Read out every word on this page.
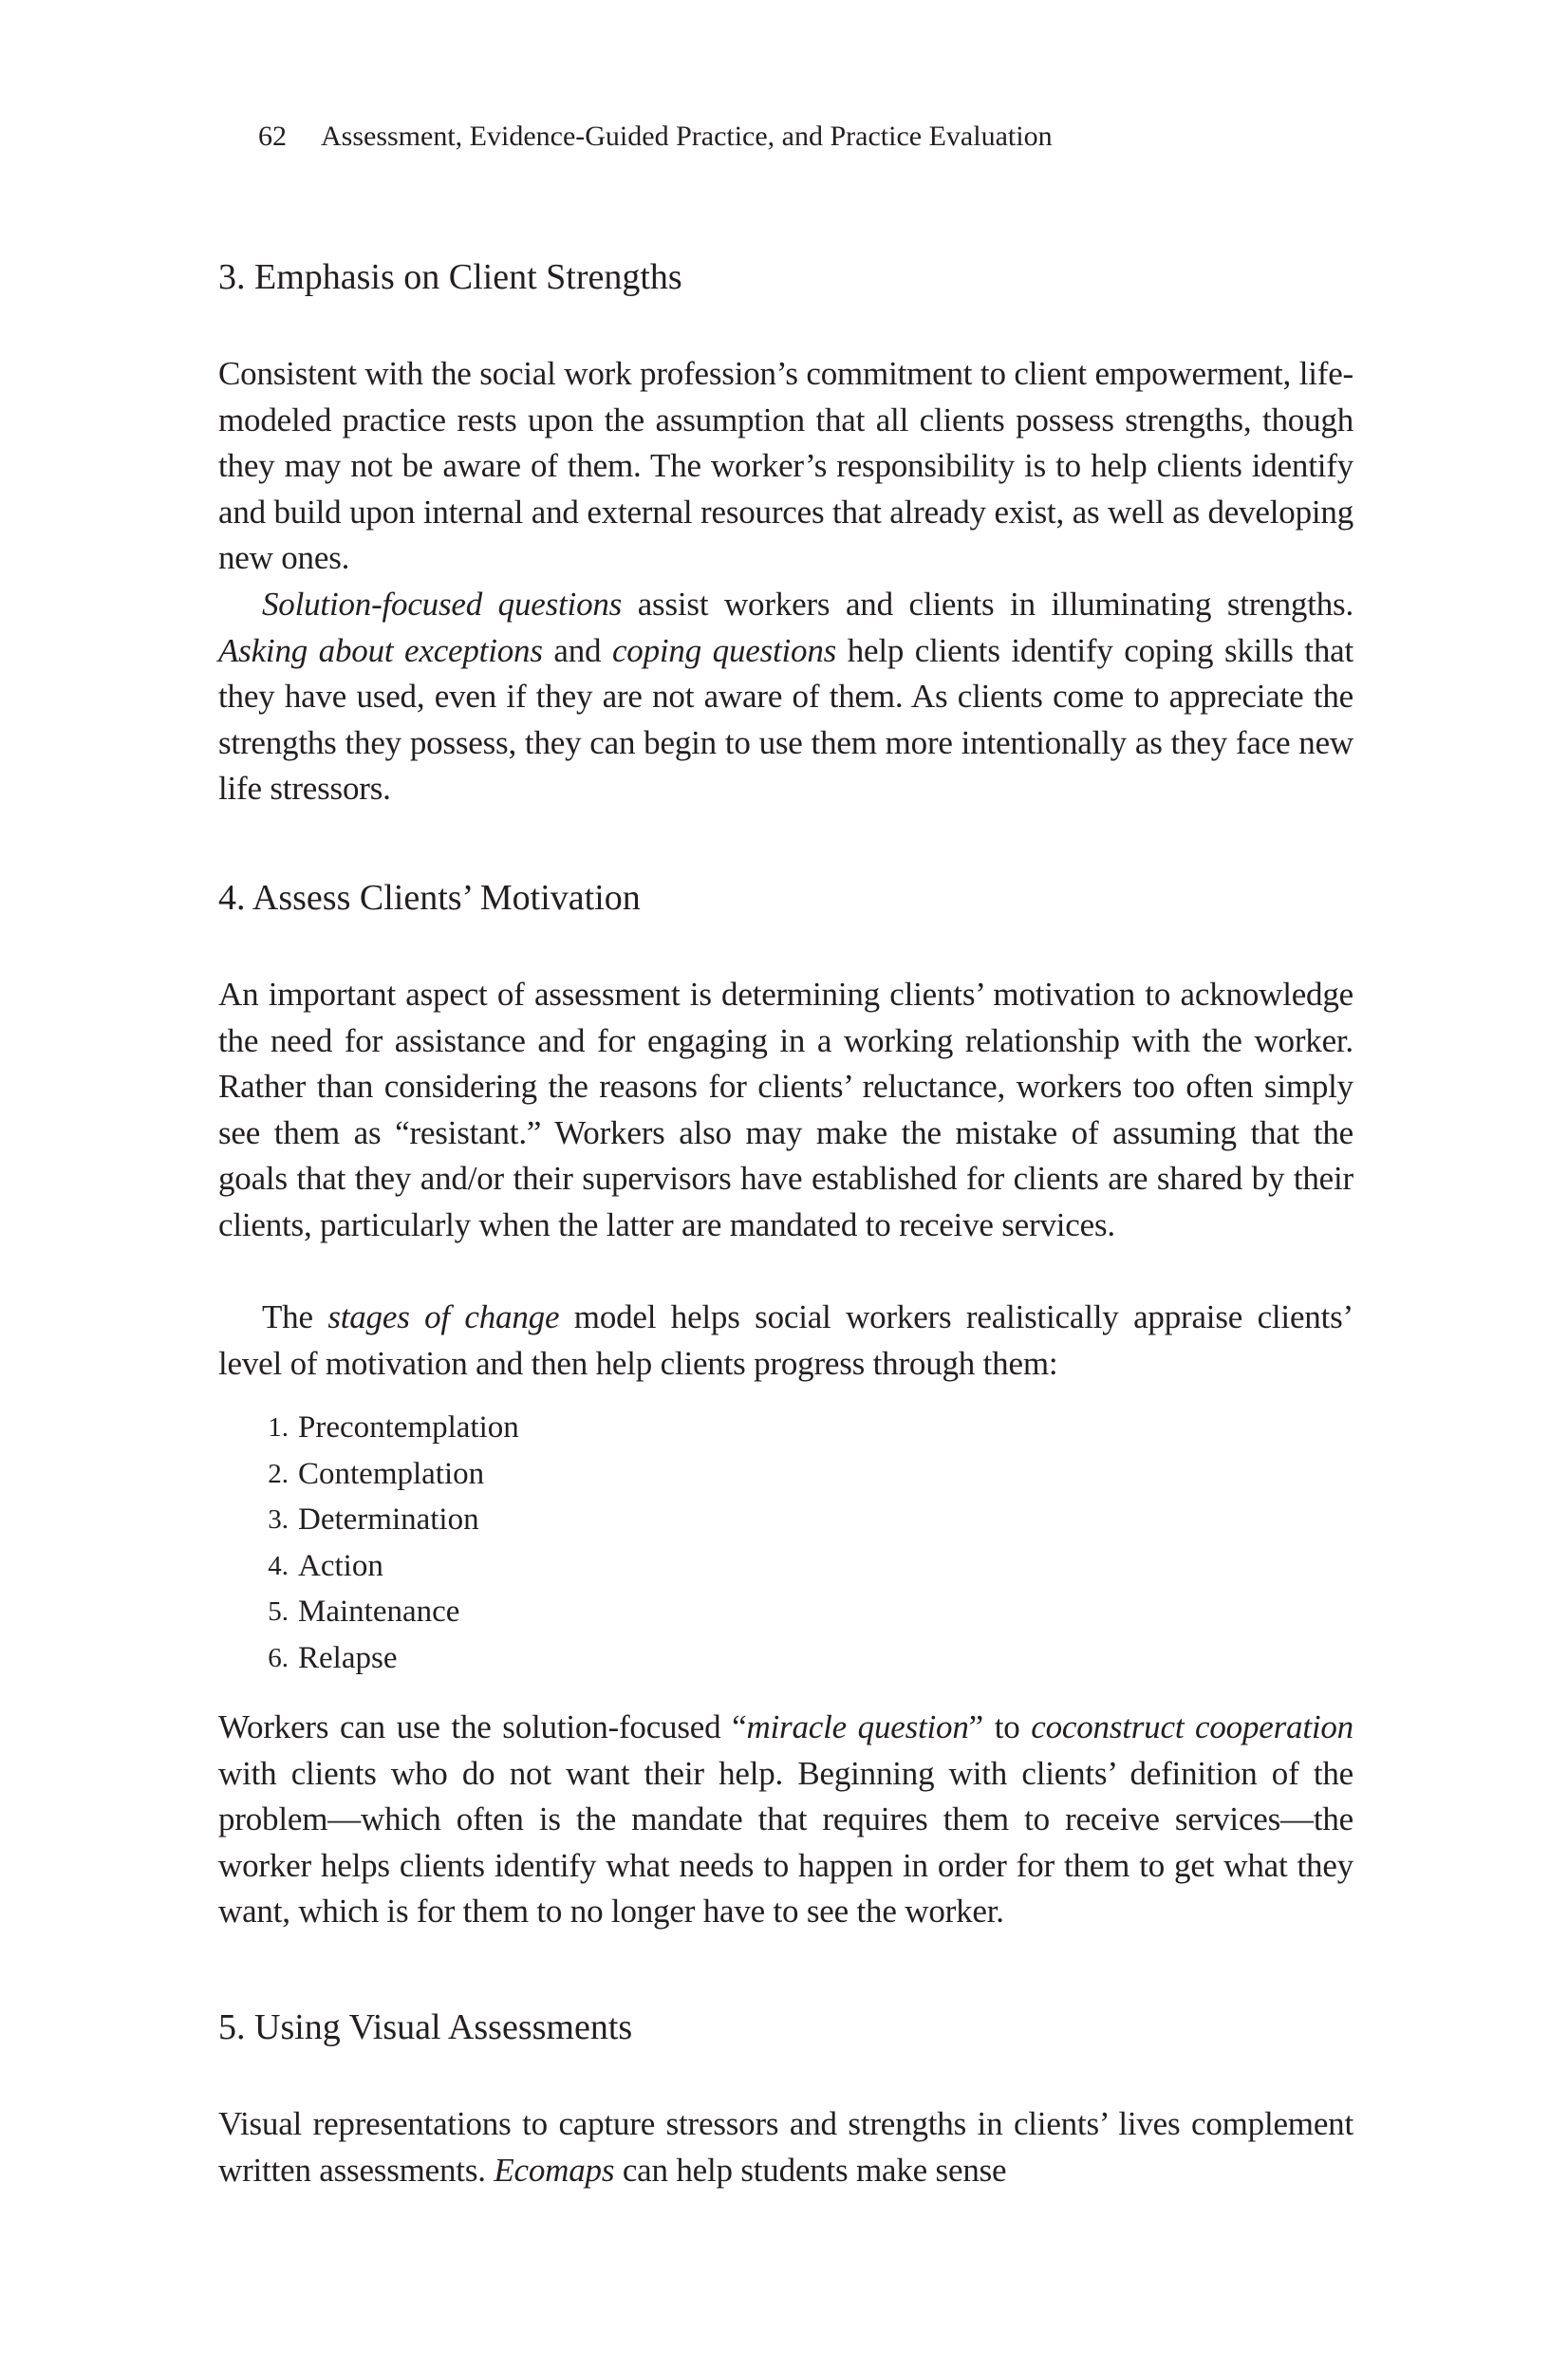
62 Assessment, Evidence-Guided Practice, and Practice Evaluation
3. Emphasis on Client Strengths

Consistent with the social work profession’s commitment to client empowerment, life-modeled practice rests upon the assumption that all clients possess strengths, though they may not be aware of them. The worker’s responsibility is to help clients identify and build upon internal and external resources that already exist, as well as developing new ones.

Solution-focused questions assist workers and clients in illuminating strengths. Asking about exceptions and coping questions help clients identify coping skills that they have used, even if they are not aware of them. As clients come to appreciate the strengths they possess, they can begin to use them more intentionally as they face new life stressors.

4. Assess Clients’ Motivation

An important aspect of assessment is determining clients’ motivation to acknowledge the need for assistance and for engaging in a working relationship with the worker. Rather than considering the reasons for clients’ reluctance, workers too often simply see them as “resistant.” Workers also may make the mistake of assuming that the goals that they and/or their supervisors have established for clients are shared by their clients, particularly when the latter are mandated to receive services.

The stages of change model helps social workers realistically appraise clients’ level of motivation and then help clients progress through them:

1. Precontemplation
2. Contemplation
3. Determination
4. Action
5. Maintenance
6. Relapse

Workers can use the solution-focused “miracle question” to coconstruct cooperation with clients who do not want their help. Beginning with clients’ definition of the problem—which often is the mandate that requires them to receive services—the worker helps clients identify what needs to happen in order for them to get what they want, which is for them to no longer have to see the worker.

5. Using Visual Assessments

Visual representations to capture stressors and strengths in clients’ lives complement written assessments. Ecomaps can help students make sense
